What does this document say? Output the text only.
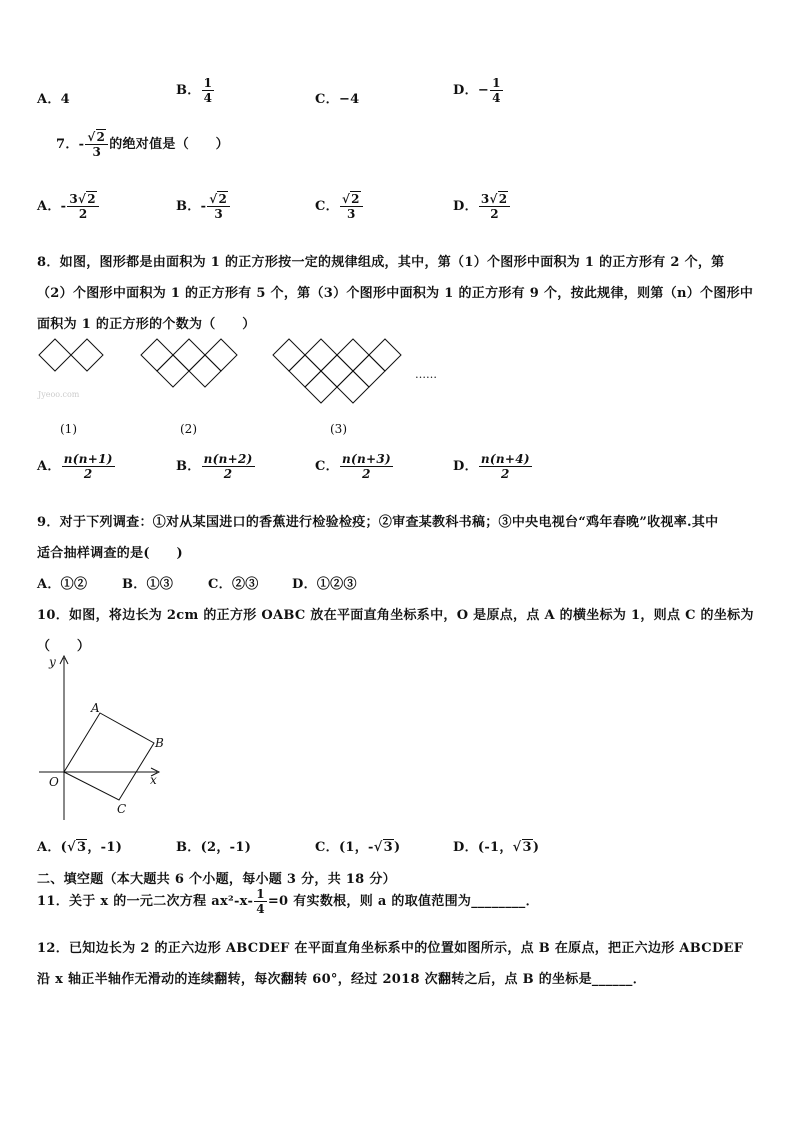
A．4
B． $\frac{1}{4}$	C．−4
D．− $\frac{1}{4}$
7．- $\frac{√2}{3}$ 的绝对值是（　　）
A．- $\frac{3√2}{2}$	B．- $\frac{√2}{3}$	C． $\frac{√2}{3}$	D． $\frac{3√2}{2}$
8．如图，图形都是由面积为 1 的正方形按一定的规律组成，其中，第（1）个图形中面积为 1 的正方形有 2 个，第
（2）个图形中面积为 1 的正方形有 5 个，第（3）个图形中面积为 1 的正方形有 9 个，按此规律，则第（n）个图形中
面积为 1 的正方形的个数为（　　）
……
Jyeoo.com
(1)	(2)	(3)
A． $\frac{n(n+1)}{2}$	B． $\frac{n(n+2)}{2}$	C． $\frac{n(n+3)}{2}$	D． $\frac{n(n+4)}{2}$
9．对于下列调查：①对从某国进口的香蕉进行检验检疫；②审查某教科书稿；③中央电视台“鸡年春晚”收视率.其中
适合抽样调查的是(　　)
A．①②	B．①③	C．②③	D．①②③
10．如图，将边长为 2cm 的正方形 OABC 放在平面直角坐标系中，O 是原点，点 A 的横坐标为 1，则点 C 的坐标为
（　　）
y
x
O
A
B
C
A．(√3，-1)	B．(2，-1)	C．(1，-√3)	D．(-1，√3)
二、填空题（本大题共 6 个小题，每小题 3 分，共 18 分）
11．关于 x 的一元二次方程 $ax^2-x- \frac{1}{4} =0$ 有实数根，则 a 的取值范围为________．
12．已知边长为 2 的正六边形 ABCDEF 在平面直角坐标系中的位置如图所示，点 B 在原点，把正六边形 ABCDEF
沿 x 轴正半轴作无滑动的连续翻转，每次翻转 60°，经过 2018 次翻转之后，点 B 的坐标是______．
